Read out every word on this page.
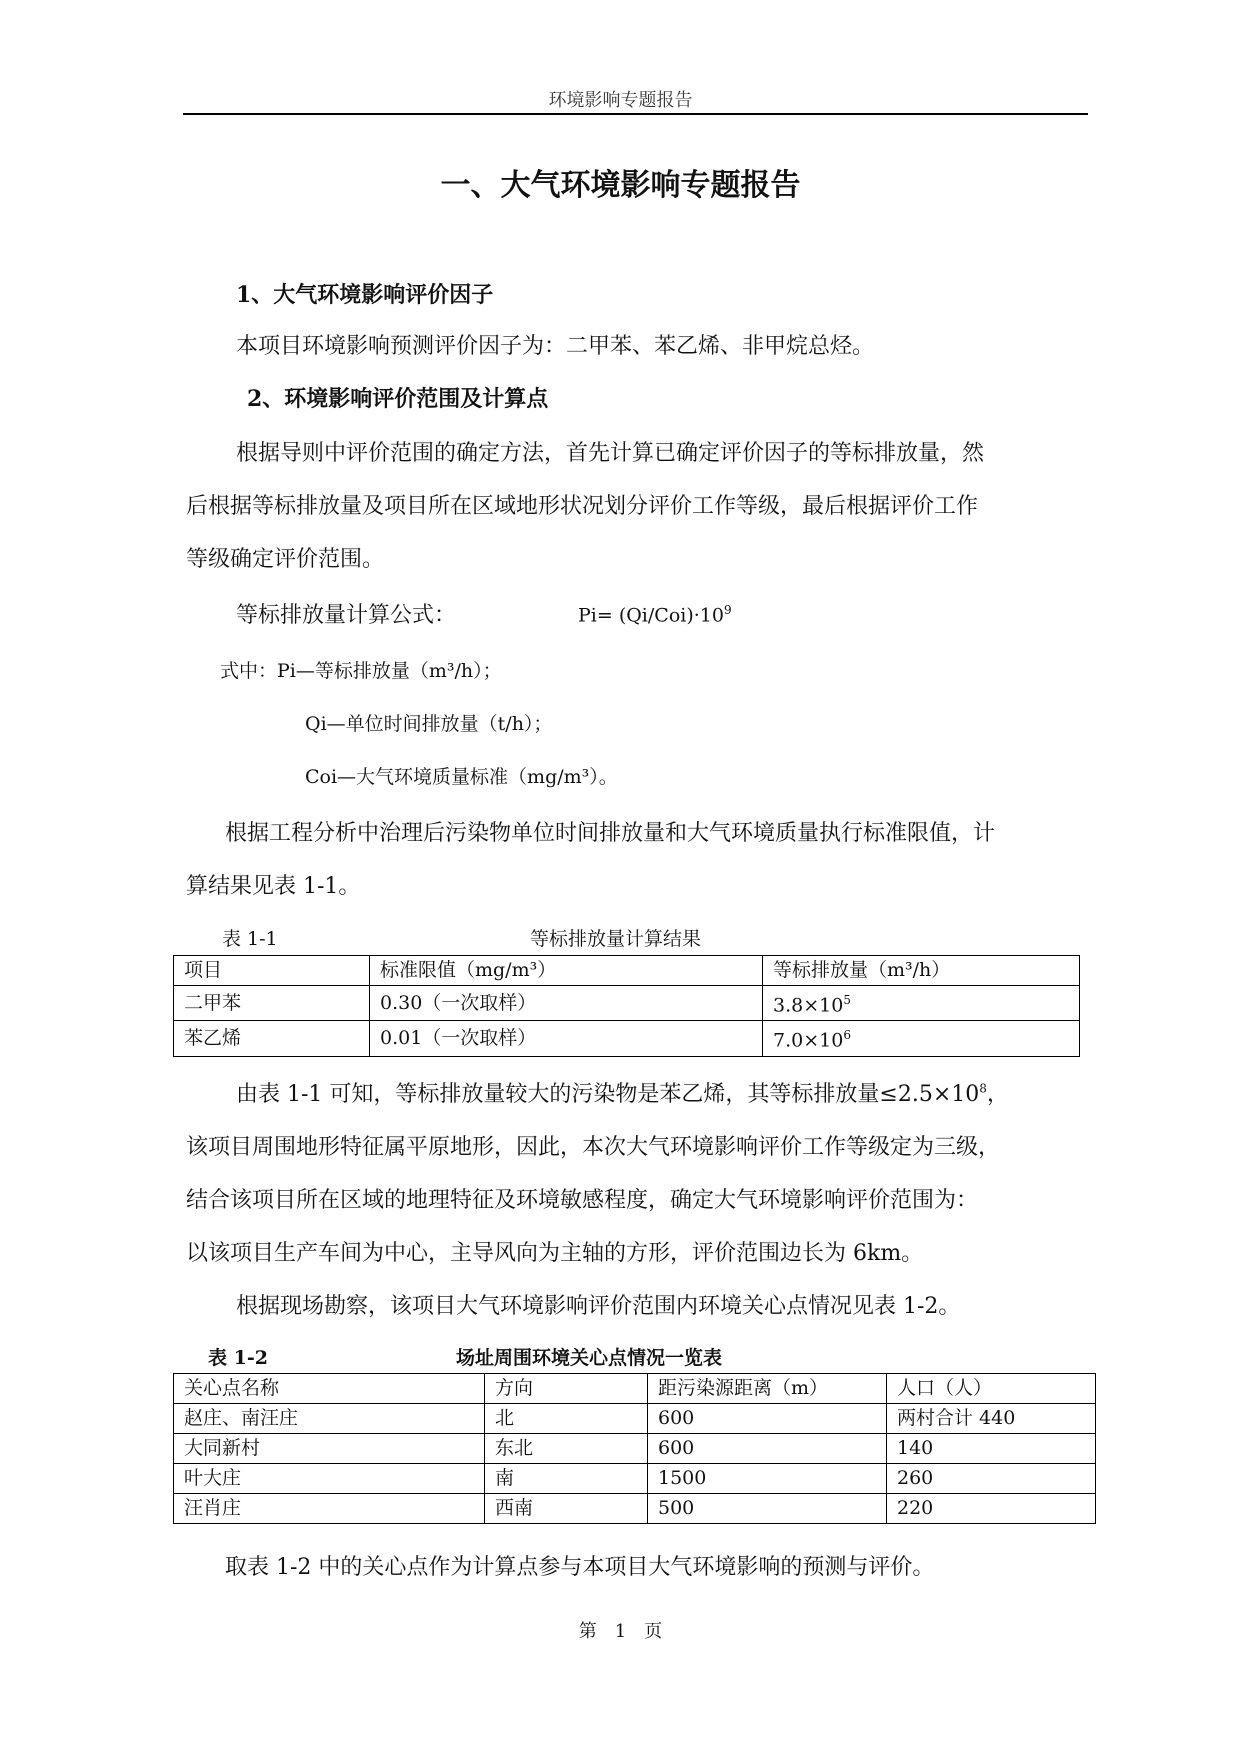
环境影响专题报告
一、大气环境影响专题报告
1、大气环境影响评价因子
本项目环境影响预测评价因子为：二甲苯、苯乙烯、非甲烷总烃。
2、环境影响评价范围及计算点
根据导则中评价范围的确定方法，首先计算已确定评价因子的等标排放量，然
后根据等标排放量及项目所在区域地形状况划分评价工作等级，最后根据评价工作
等级确定评价范围。
等标排放量计算公式：	$Pi= (Qi/Coi)\cdot 10^9$
式中：Pi—等标排放量（m³/h）；
Qi—单位时间排放量（t/h）；
Coi—大气环境质量标准（mg/m³）。
根据工程分析中治理后污染物单位时间排放量和大气环境质量执行标准限值，计
算结果见表 1-1。
表 1-1	等标排放量计算结果
项目	标准限值（mg/m³）	等标排放量（m³/h）
二甲苯	0.30（一次取样）	$3.8\times 10^5$
苯乙烯	0.01（一次取样）	$7.0\times 10^6$
由表 1-1 可知，等标排放量较大的污染物是苯乙烯，其等标排放量$\le 2.5\times 10^8$，
该项目周围地形特征属平原地形，因此，本次大气环境影响评价工作等级定为三级，
结合该项目所在区域的地理特征及环境敏感程度，确定大气环境影响评价范围为：
以该项目生产车间为中心，主导风向为主轴的方形，评价范围边长为 6km。
根据现场勘察，该项目大气环境影响评价范围内环境关心点情况见表 1-2。
表 1-2	场址周围环境关心点情况一览表
关心点名称	方向	距污染源距离（m）	人口（人）
赵庄、南汪庄	北	600	两村合计 440
大同新村	东北	600	140
叶大庄	南	1500	260
汪肖庄	西南	500	220
取表 1-2 中的关心点作为计算点参与本项目大气环境影响的预测与评价。
第　1　页
